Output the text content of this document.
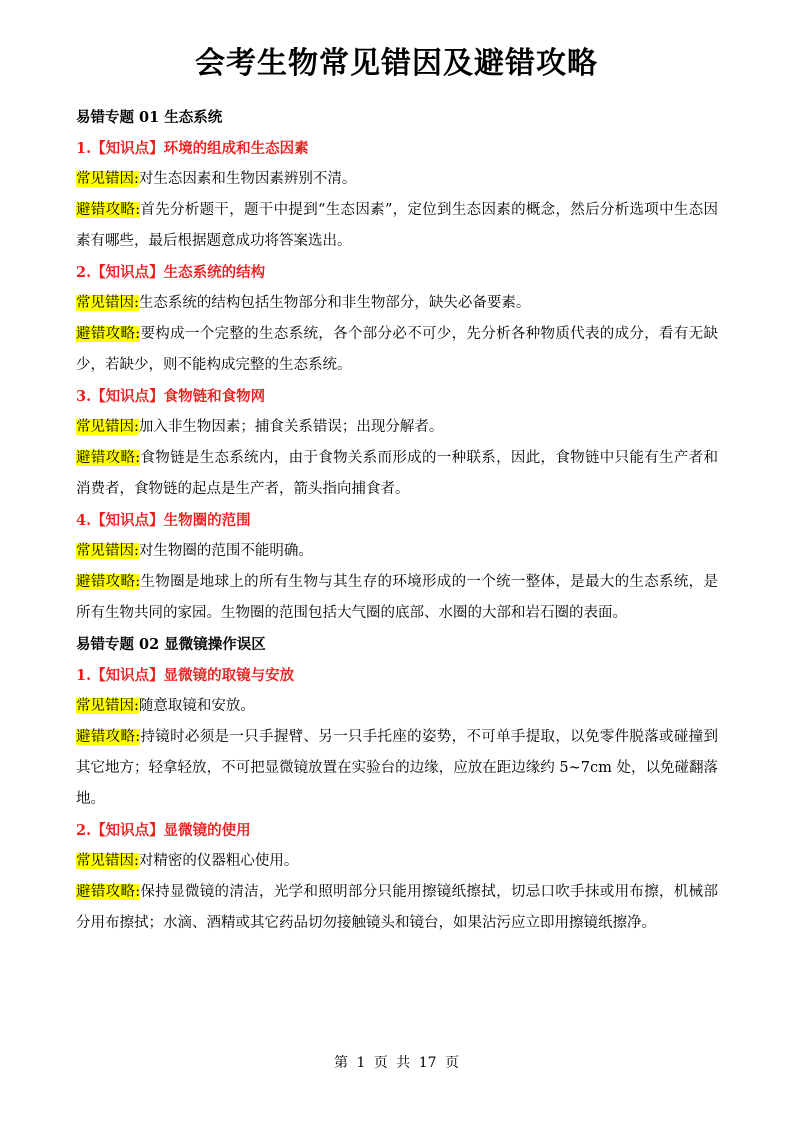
会考生物常见错因及避错攻略
易错专题 01 生态系统
1.【知识点】环境的组成和生态因素
常见错因:对生态因素和生物因素辨别不清。
避错攻略:首先分析题干，题干中提到“生态因素”，定位到生态因素的概念，然后分析选项中生态因素有哪些，最后根据题意成功将答案选出。
2.【知识点】生态系统的结构
常见错因:生态系统的结构包括生物部分和非生物部分，缺失必备要素。
避错攻略:要构成一个完整的生态系统，各个部分必不可少，先分析各种物质代表的成分，看有无缺少，若缺少，则不能构成完整的生态系统。
3.【知识点】食物链和食物网
常见错因:加入非生物因素；捕食关系错误；出现分解者。
避错攻略:食物链是生态系统内，由于食物关系而形成的一种联系，因此，食物链中只能有生产者和消费者，食物链的起点是生产者，箭头指向捕食者。
4.【知识点】生物圈的范围
常见错因:对生物圈的范围不能明确。
避错攻略:生物圈是地球上的所有生物与其生存的环境形成的一个统一整体，是最大的生态系统，是所有生物共同的家园。生物圈的范围包括大气圈的底部、水圈的大部和岩石圈的表面。
易错专题 02 显微镜操作误区
1.【知识点】显微镜的取镜与安放
常见错因:随意取镜和安放。
避错攻略:持镜时必须是一只手握臂、另一只手托座的姿势，不可单手提取，以免零件脱落或碰撞到其它地方；轻拿轻放，不可把显微镜放置在实验台的边缘，应放在距边缘约 5~7cm 处，以免碰翻落地。
2.【知识点】显微镜的使用
常见错因:对精密的仪器粗心使用。
避错攻略:保持显微镜的清洁，光学和照明部分只能用擦镜纸擦拭，切忌口吹手抹或用布擦，机械部分用布擦拭；水滴、酒精或其它药品切勿接触镜头和镜台，如果沾污应立即用擦镜纸擦净。
第 1 页 共 17 页
